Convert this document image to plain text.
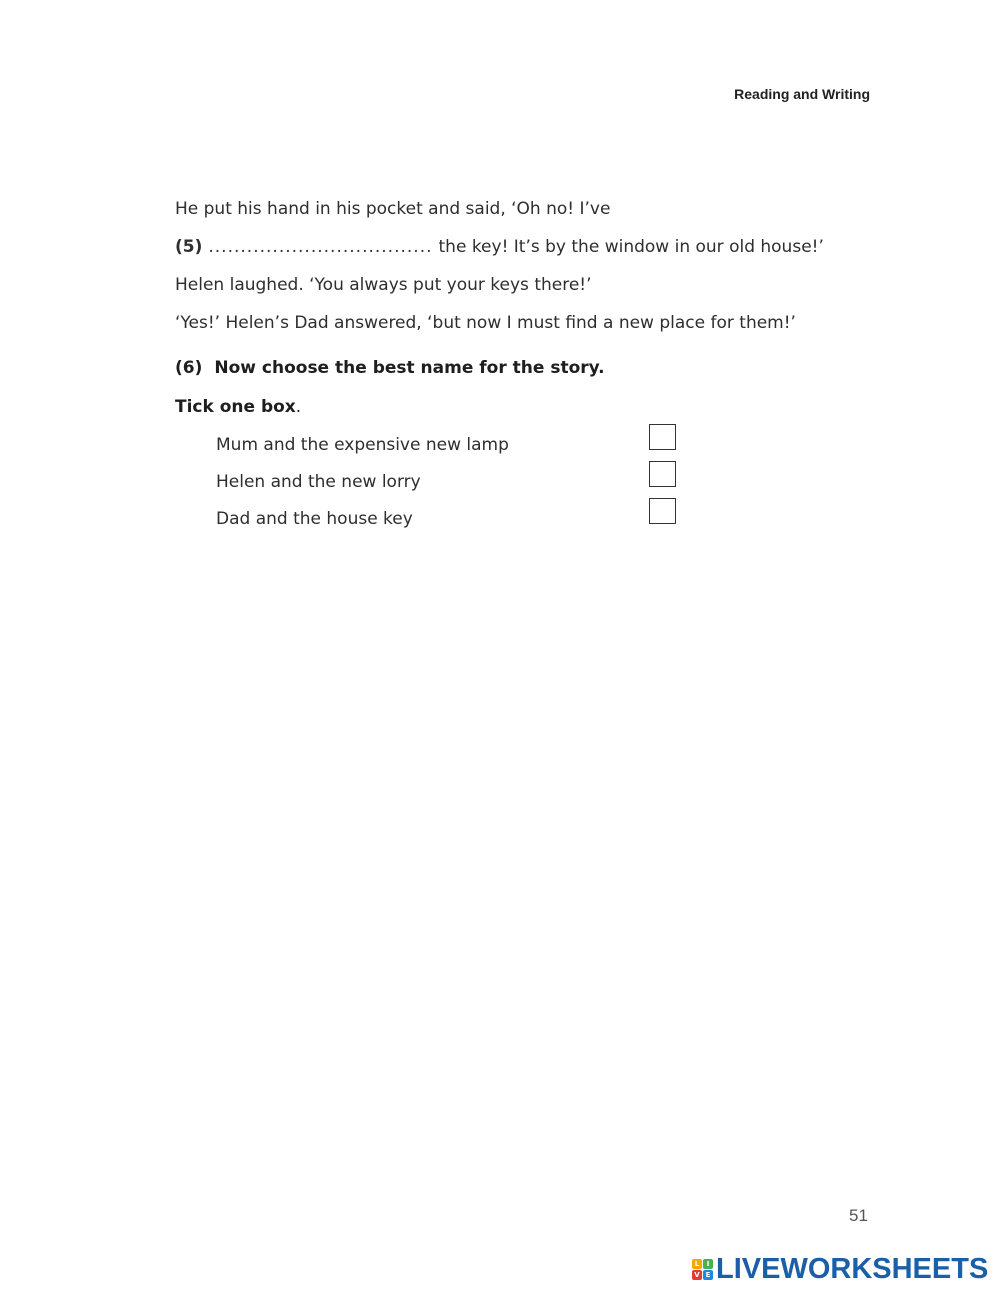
Reading and Writing
He put his hand in his pocket and said, ‘Oh no! I’ve
(5) ................................... the key! It’s by the window in our old house!’
Helen laughed. ‘You always put your keys there!’
‘Yes!’ Helen’s Dad answered, ‘but now I must find a new place for them!’
(6) Now choose the best name for the story.
Tick one box.
Mum and the expensive new lamp
Helen and the new lorry
Dad and the house key
51
L	I
V E LIVEWORKSHEETS
